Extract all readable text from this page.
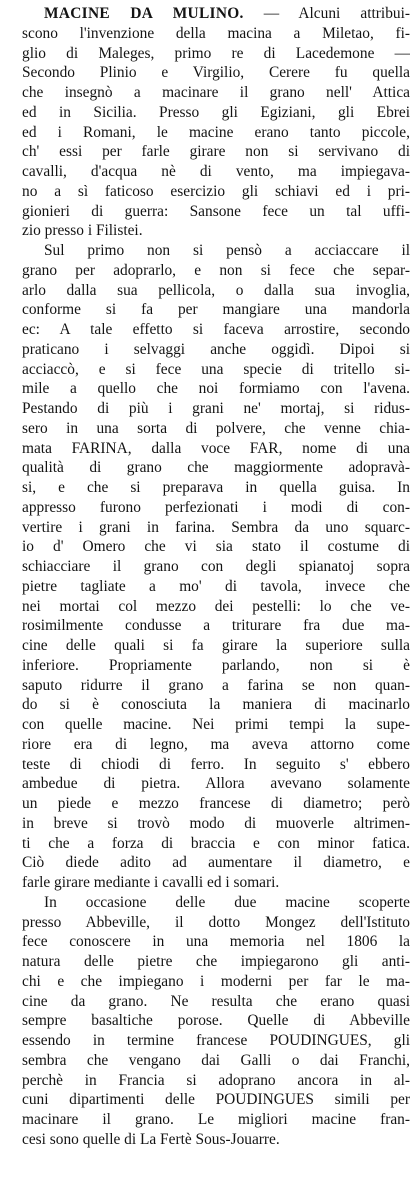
MACINE DA MULINO. — Alcuni attribui-
scono l'invenzione della macina a Miletao, fi-
glio di Maleges, primo re di Lacedemone —
Secondo Plinio e Virgilio, Cerere fu quella
che insegnò a macinare il grano nell' Attica
ed in Sicilia. Presso gli Egiziani, gli Ebrei
ed i Romani, le macine erano tanto piccole,
ch' essi per farle girare non si servivano di
cavalli, d'acqua nè di vento, ma impiegava-
no a sì faticoso esercizio gli schiavi ed i pri-
gionieri di guerra: Sansone fece un tal uffi-
zio presso i Filistei.
Sul primo non si pensò a acciaccare il
grano per adoprarlo, e non si fece che separ-
arlo dalla sua pellicola, o dalla sua invoglia,
conforme si fa per mangiare una mandorla
ec: A tale effetto si faceva arrostire, secondo
praticano i selvaggi anche oggidì. Dipoi si
acciaccò, e si fece una specie di tritello si-
mile a quello che noi formiamo con l'avena.
Pestando di più i grani ne' mortaj, si ridus-
sero in una sorta di polvere, che venne chia-
mata FARINA, dalla voce FAR, nome di una
qualità di grano che maggiormente adopravà-
si, e che si preparava in quella guisa. In
appresso furono perfezionati i modi di con-
vertire i grani in farina. Sembra da uno squarc-
io d' Omero che vi sia stato il costume di
schiacciare il grano con degli spianatoj sopra
pietre tagliate a mo' di tavola, invece che
nei mortai col mezzo dei pestelli: lo che ve-
rosimilmente condusse a triturare fra due ma-
cine delle quali si fa girare la superiore sulla
inferiore. Propriamente parlando, non si è
saputo ridurre il grano a farina se non quan-
do si è conosciuta la maniera di macinarlo
con quelle macine. Nei primi tempi la supe-
riore era di legno, ma aveva attorno come
teste di chiodi di ferro. In seguito s' ebbero
ambedue di pietra. Allora avevano solamente
un piede e mezzo francese di diametro; però
in breve si trovò modo di muoverle altrimen-
ti che a forza di braccia e con minor fatica.
Ciò diede adito ad aumentare il diametro, e
farle girare mediante i cavalli ed i somari.
In occasione delle due macine scoperte
presso Abbeville, il dotto Mongez dell'Istituto
fece conoscere in una memoria nel 1806 la
natura delle pietre che impiegarono gli anti-
chi e che impiegano i moderni per far le ma-
cine da grano. Ne resulta che erano quasi
sempre basaltiche porose. Quelle di Abbeville
essendo in termine francese POUDINGUES, gli
sembra che vengano dai Galli o dai Franchi,
perchè in Francia si adoprano ancora in al-
cuni dipartimenti delle POUDINGUES simili per
macinare il grano. Le migliori macine fran-
cesi sono quelle di La Fertè Sous-Jouarre.
